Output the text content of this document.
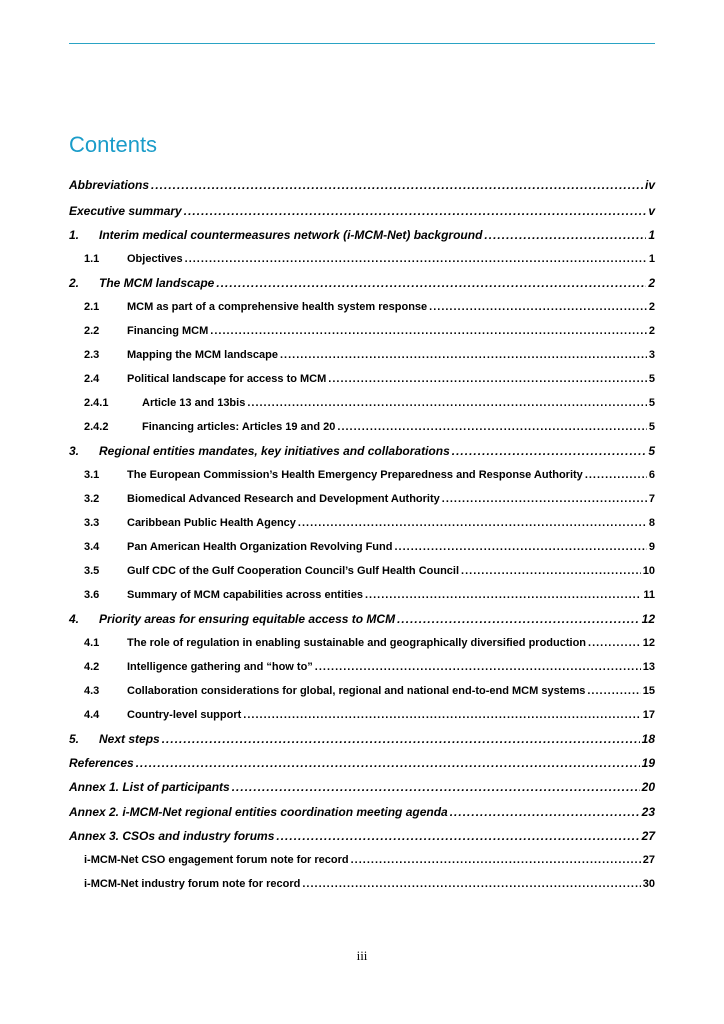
Contents
Abbreviations .....	iv
Executive summary .....	v
1.	Interim medical countermeasures network (i-MCM-Net) background .....	1
1.1	Objectives .....	1
2.	The MCM landscape .....	2
2.1	MCM as part of a comprehensive health system response .....	2
2.2	Financing MCM .....	2
2.3	Mapping the MCM landscape .....	3
2.4	Political landscape for access to MCM .....	5
2.4.1	Article 13 and 13bis .....	5
2.4.2	Financing articles: Articles 19 and 20 .....	5
3.	Regional entities mandates, key initiatives and collaborations .....	5
3.1	The European Commission’s Health Emergency Preparedness and Response Authority .....	6
3.2	Biomedical Advanced Research and Development Authority .....	7
3.3	Caribbean Public Health Agency .....	8
3.4	Pan American Health Organization Revolving Fund .....	9
3.5	Gulf CDC of the Gulf Cooperation Council’s Gulf Health Council .....	10
3.6	Summary of MCM capabilities across entities .....	11
4.	Priority areas for ensuring equitable access to MCM .....	12
4.1	The role of regulation in enabling sustainable and geographically diversified production .....	12
4.2	Intelligence gathering and “how to” .....	13
4.3	Collaboration considerations for global, regional and national end-to-end MCM systems .....	15
4.4	Country-level support .....	17
5.	Next steps .....	18
References .....	19
Annex 1. List of participants .....	20
Annex 2. i-MCM-Net regional entities coordination meeting agenda .....	23
Annex 3. CSOs and industry forums .....	27
i-MCM-Net CSO engagement forum note for record .....	27
i-MCM-Net industry forum note for record .....	30
iii
